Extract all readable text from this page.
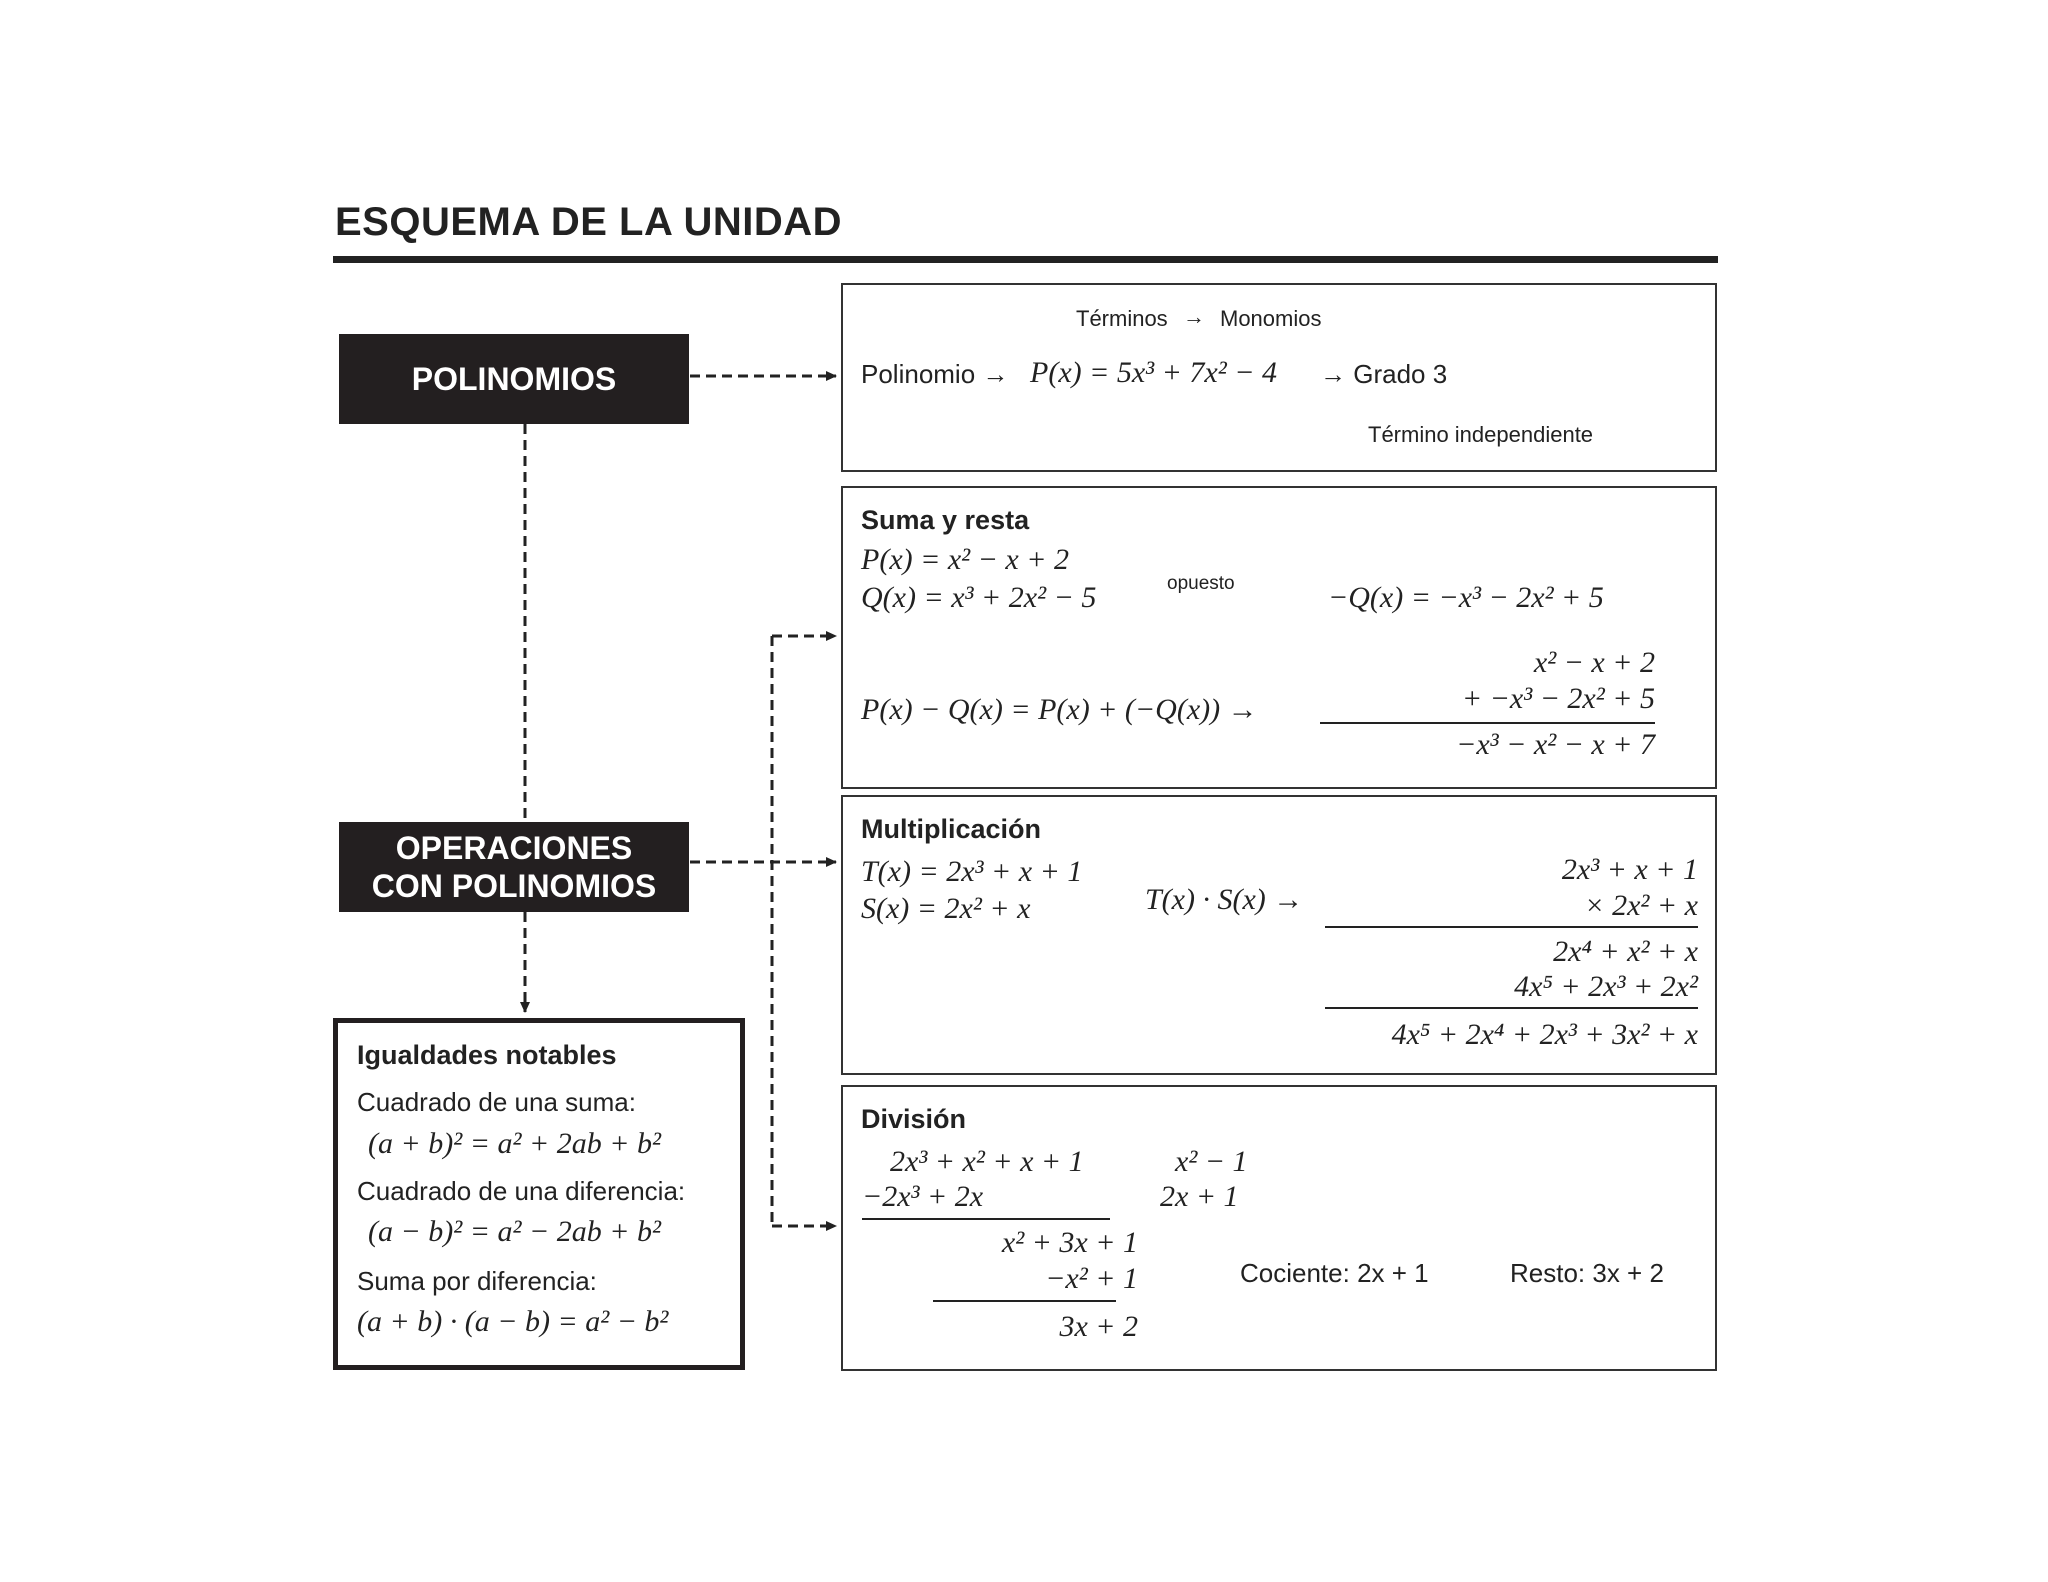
ESQUEMA DE LA UNIDAD
POLINOMIOS
OPERACIONES
CON POLINOMIOS
Términos → Monomios
Polinomio → P(x) = 5x³ + 7x² − 4 → Grado 3
Término independiente
Suma y resta
P(x) = x² − x + 2
Q(x) = x³ + 2x² − 5	opuesto	−Q(x) = −x³ − 2x² + 5
P(x) − Q(x) = P(x) + (−Q(x)) →
x² − x + 2
+ −x³ − 2x² + 5
−x³ − x² − x + 7
Multiplicación
T(x) = 2x³ + x + 1
S(x) = 2x² + x	T(x) · S(x) →
2x³ + x + 1
× 2x² + x
2x⁴ + x² + x
4x⁵ + 2x³ + 2x²
4x⁵ + 2x⁴ + 2x³ + 3x² + x
División
2x³ + x² + x + 1	x² − 1
−2x³ + 2x	2x + 1
x² + 3x + 1
−x² + 1
3x + 2
Cociente: 2x + 1	Resto: 3x + 2
Igualdades notables
Cuadrado de una suma:
(a + b)² = a² + 2ab + b²
Cuadrado de una diferencia:
(a − b)² = a² − 2ab + b²
Suma por diferencia:
(a + b) · (a − b) = a² − b²
